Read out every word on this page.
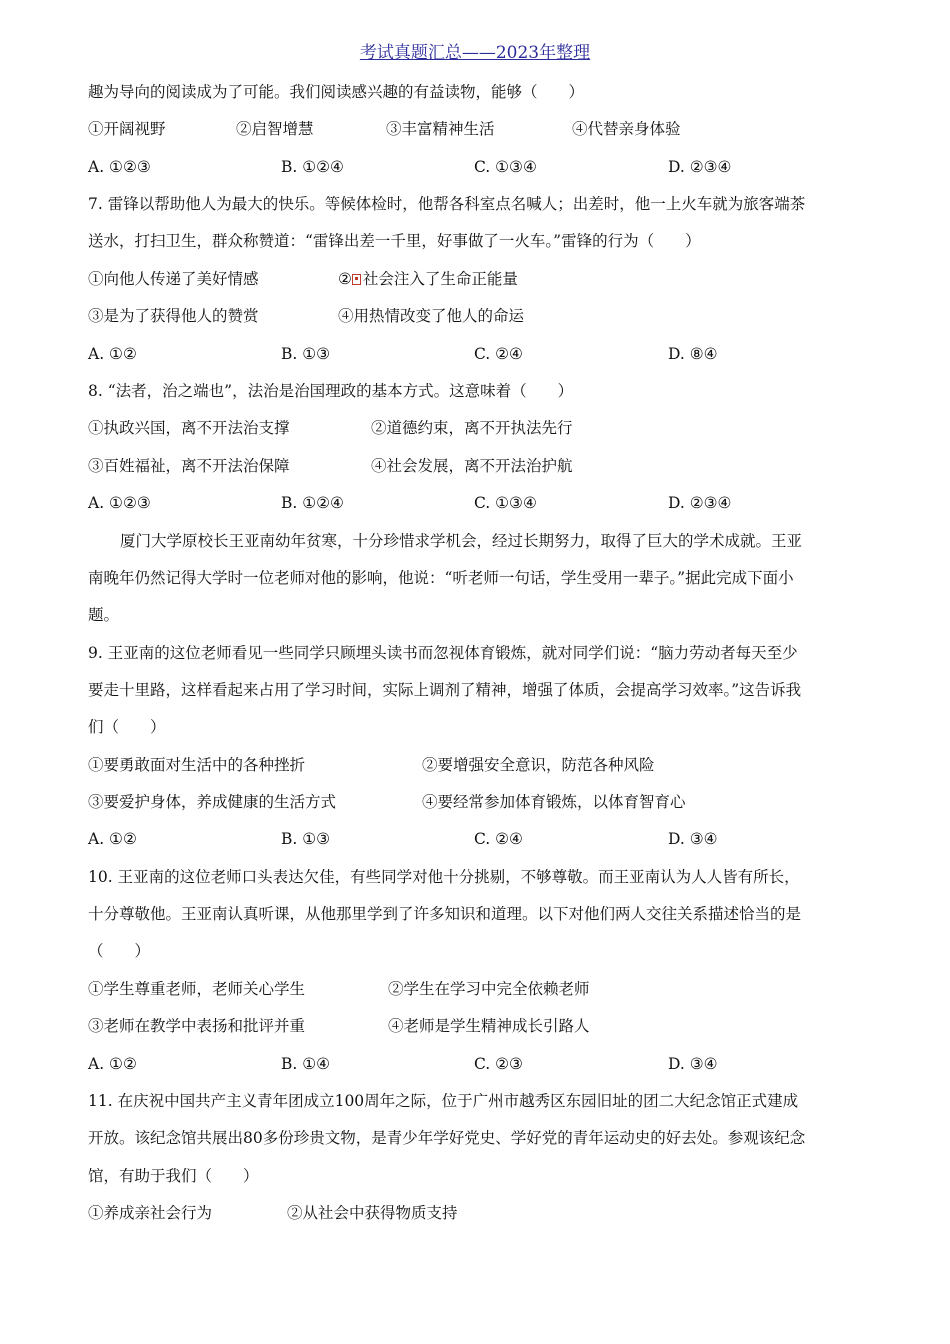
考试真题汇总——2023年整理
趣为导向的阅读成为了可能。我们阅读感兴趣的有益读物，能够（　　）
①开阔视野	②启智增慧	③丰富精神生活	④代替亲身体验
A. ①②③	B. ①②④	C. ①③④	D. ②③④
7. 雷锋以帮助他人为最大的快乐。等候体检时，他帮各科室点名喊人；出差时，他一上火车就为旅客端茶
送水，打扫卫生，群众称赞道：“雷锋出差一千里，好事做了一火车。”雷锋的行为（　　）
①向他人传递了美好情感	② 社会注入了生命正能量
③是为了获得他人的赞赏	④用热情改变了他人的命运
A. ①②	B. ①③	C. ②④	D. ⑧④
8. “法者，治之端也”，法治是治国理政的基本方式。这意味着（　　）
①执政兴国，离不开法治支撑	②道德约束，离不开执法先行
③百姓福祉，离不开法治保障	④社会发展，离不开法治护航
A. ①②③	B. ①②④	C. ①③④	D. ②③④
厦门大学原校长王亚南幼年贫寒，十分珍惜求学机会，经过长期努力，取得了巨大的学术成就。王亚
南晚年仍然记得大学时一位老师对他的影响，他说：“听老师一句话，学生受用一辈子。”据此完成下面小
题。
9. 王亚南的这位老师看见一些同学只顾埋头读书而忽视体育锻炼，就对同学们说：“脑力劳动者每天至少
要走十里路，这样看起来占用了学习时间，实际上调剂了精神，增强了体质，会提高学习效率。”这告诉我
们（　　）
①要勇敢面对生活中的各种挫折	②要增强安全意识，防范各种风险
③要爱护身体，养成健康的生活方式	④要经常参加体育锻炼，以体育智育心
A. ①②	B. ①③	C. ②④	D. ③④
10. 王亚南的这位老师口头表达欠佳，有些同学对他十分挑剔，不够尊敬。而王亚南认为人人皆有所长，
十分尊敬他。王亚南认真听课，从他那里学到了许多知识和道理。以下对他们两人交往关系描述恰当的是
（　　）
①学生尊重老师，老师关心学生	②学生在学习中完全依赖老师
③老师在教学中表扬和批评并重	④老师是学生精神成长引路人
A. ①②	B. ①④	C. ②③	D. ③④
11. 在庆祝中国共产主义青年团成立100周年之际，位于广州市越秀区东园旧址的团二大纪念馆正式建成
开放。该纪念馆共展出80多份珍贵文物，是青少年学好党史、学好党的青年运动史的好去处。参观该纪念
馆，有助于我们（　　）
①养成亲社会行为	②从社会中获得物质支持
